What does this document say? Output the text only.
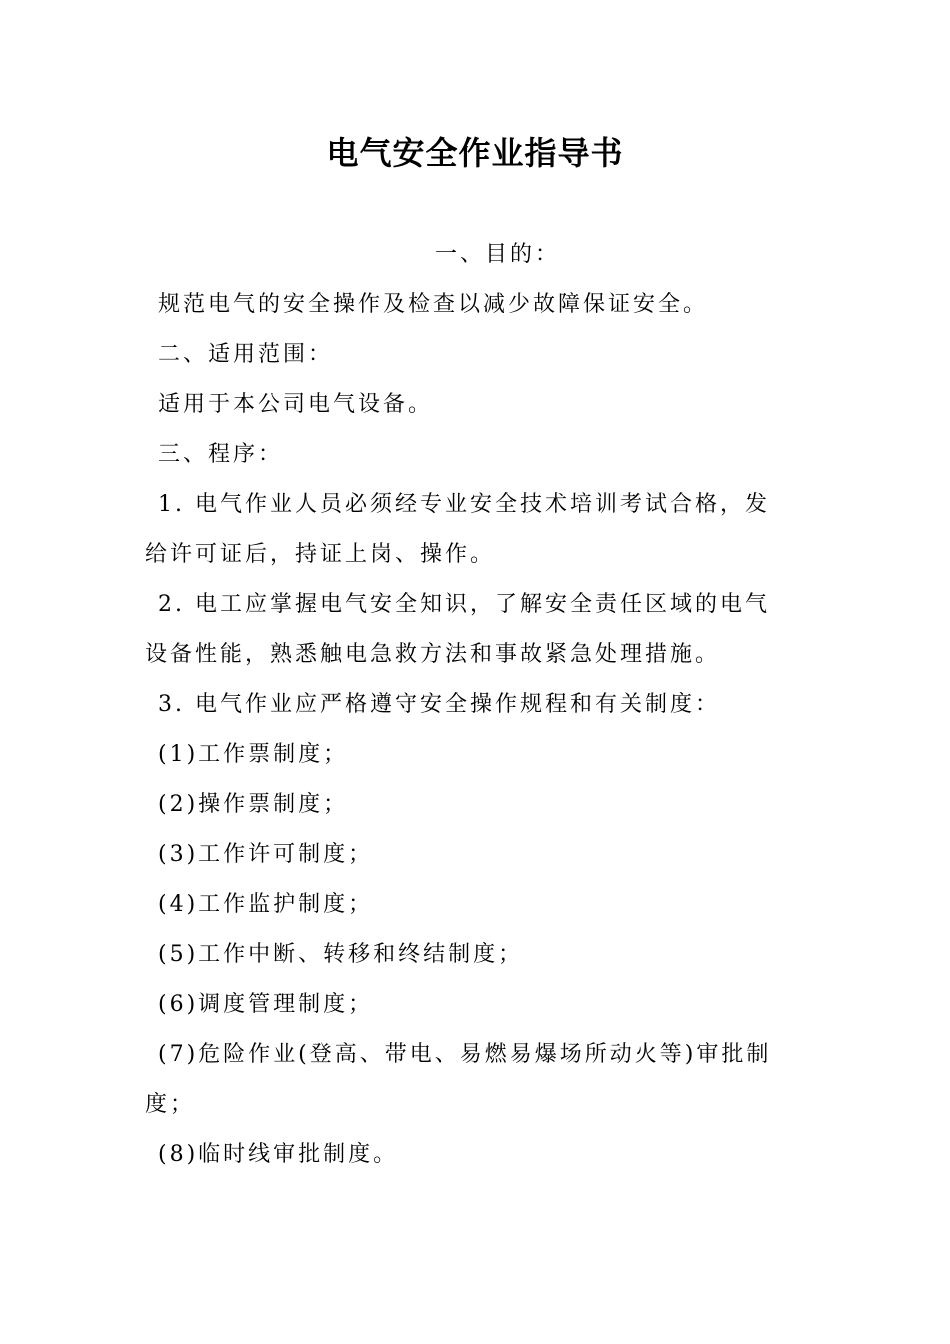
电气安全作业指导书
一、目的：
规范电气的安全操作及检查以减少故障保证安全。
二、适用范围：
适用于本公司电气设备。
三、程序：
1. 电气作业人员必须经专业安全技术培训考试合格，发
给许可证后，持证上岗、操作。
2. 电工应掌握电气安全知识，了解安全责任区域的电气
设备性能，熟悉触电急救方法和事故紧急处理措施。
3. 电气作业应严格遵守安全操作规程和有关制度：
(1)工作票制度；
(2)操作票制度；
(3)工作许可制度；
(4)工作监护制度；
(5)工作中断、转移和终结制度；
(6)调度管理制度；
(7)危险作业(登高、带电、易燃易爆场所动火等)审批制
度；
(8)临时线审批制度。
